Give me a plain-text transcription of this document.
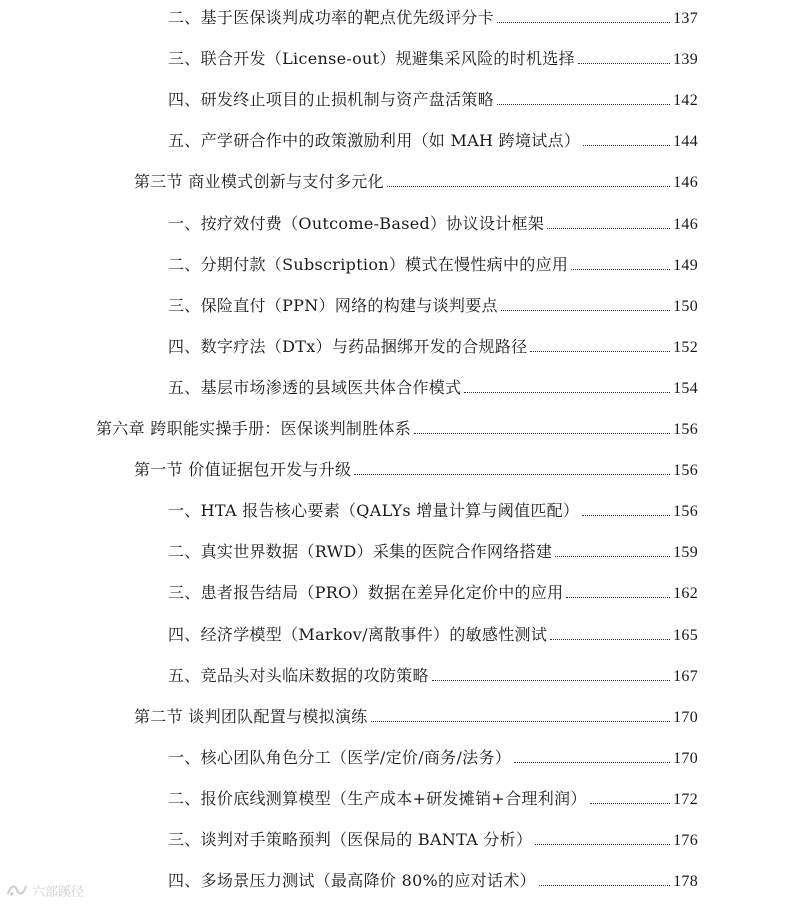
二、基于医保谈判成功率的靶点优先级评分卡	137
三、联合开发（License-out）规避集采风险的时机选择	139
四、研发终止项目的止损机制与资产盘活策略	142
五、产学研合作中的政策激励利用（如 MAH 跨境试点）	144
第三节 商业模式创新与支付多元化	146
一、按疗效付费（Outcome-Based）协议设计框架	146
二、分期付款（Subscription）模式在慢性病中的应用	149
三、保险直付（PPN）网络的构建与谈判要点	150
四、数字疗法（DTx）与药品捆绑开发的合规路径	152
五、基层市场渗透的县域医共体合作模式	154
第六章 跨职能实操手册：医保谈判制胜体系	156
第一节 价值证据包开发与升级	156
一、HTA 报告核心要素（QALYs 增量计算与阈值匹配）	156
二、真实世界数据（RWD）采集的医院合作网络搭建	159
三、患者报告结局（PRO）数据在差异化定价中的应用	162
四、经济学模型（Markov/离散事件）的敏感性测试	165
五、竞品头对头临床数据的攻防策略	167
第二节 谈判团队配置与模拟演练	170
一、核心团队角色分工（医学/定价/商务/法务）	170
二、报价底线测算模型（生产成本+研发摊销+合理利润）	172
三、谈判对手策略预判（医保局的 BANTA 分析）	176
四、多场景压力测试（最高降价 80%的应对话术）	178
六部蹊径
